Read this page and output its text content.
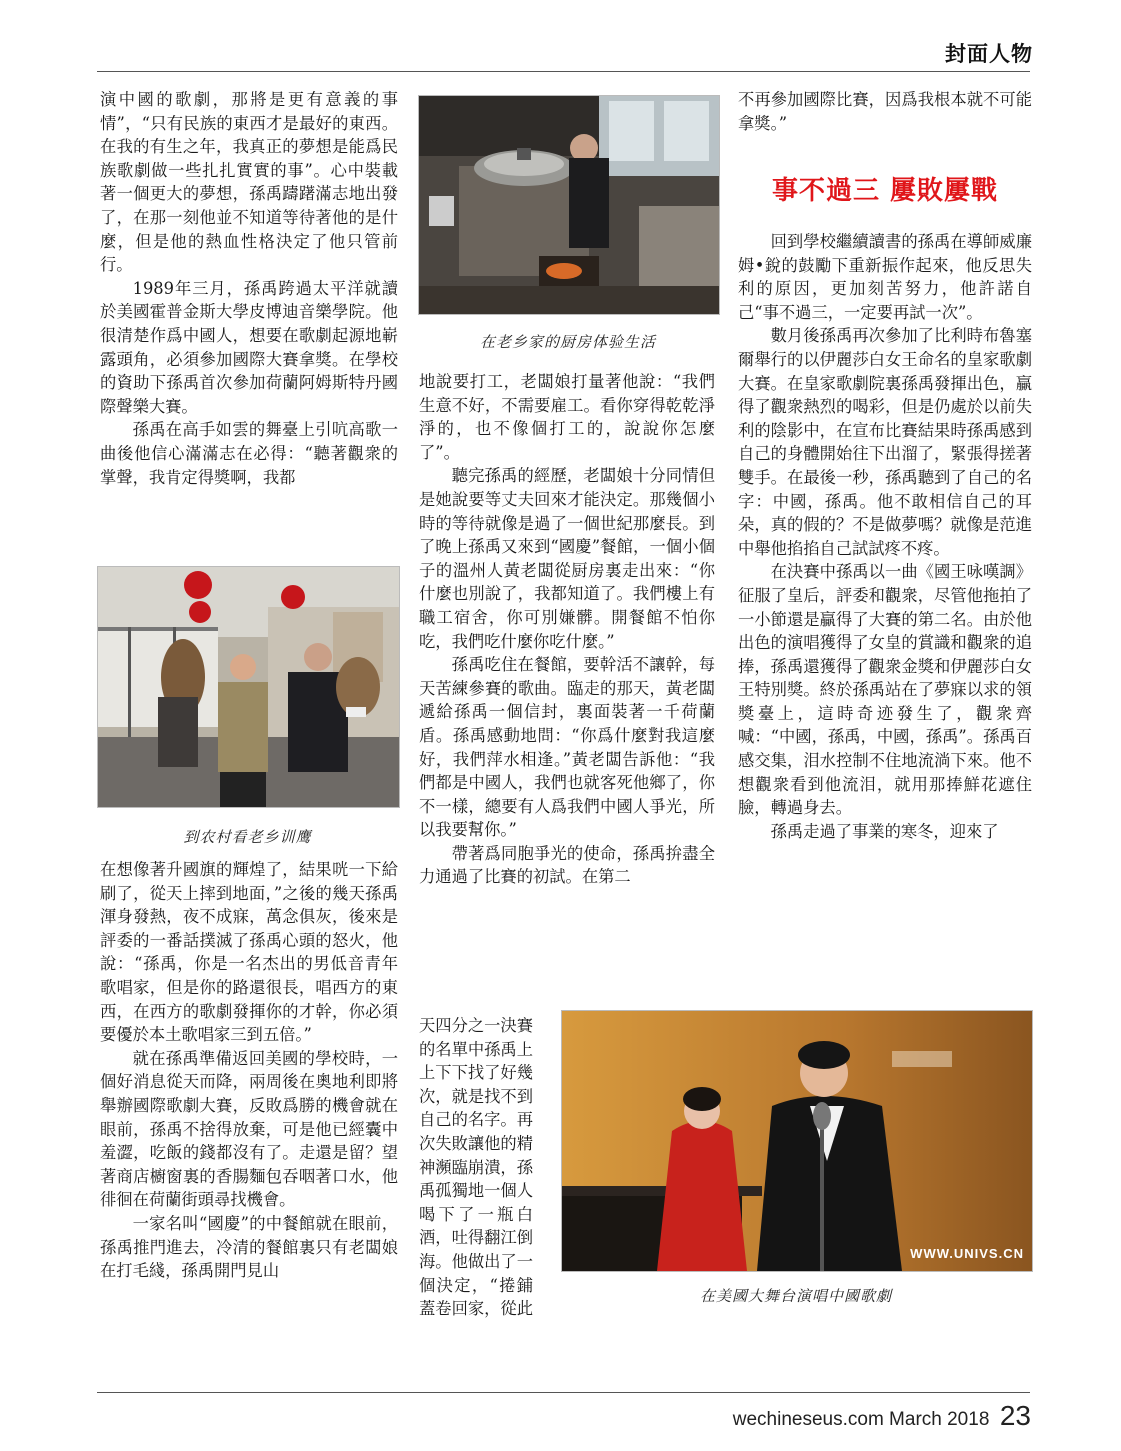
封面人物

演中國的歌劇，那將是更有意義的事情”，“只有民族的東西才是最好的東西。在我的有生之年，我真正的夢想是能爲民族歌劇做一些扎扎實實的事”。心中裝載著一個更大的夢想，孫禹躊躇滿志地出發了，在那一刻他並不知道等待著他的是什麼，但是他的熱血性格決定了他只管前行。

1989年三月，孫禹跨過太平洋就讀於美國霍普金斯大學皮博迪音樂學院。他很清楚作爲中國人，想要在歌劇起源地嶄露頭角，必須參加國際大賽拿獎。在學校的資助下孫禹首次參加荷蘭阿姆斯特丹國際聲樂大賽。

孫禹在高手如雲的舞臺上引吭高歌一曲後他信心滿滿志在必得：“聽著觀衆的掌聲，我肯定得獎啊，我都

到农村看老乡训鹰

在想像著升國旗的輝煌了，結果咣一下給刷了，從天上摔到地面，”之後的幾天孫禹渾身發熱，夜不成寐，萬念俱灰，後來是評委的一番話撲滅了孫禹心頭的怒火，他說：“孫禹，你是一名杰出的男低音青年歌唱家，但是你的路還很長，唱西方的東西，在西方的歌劇發揮你的才幹，你必須要優於本土歌唱家三到五倍。”

就在孫禹準備返回美國的學校時，一個好消息從天而降，兩周後在奧地利即將舉辦國際歌劇大賽，反敗爲勝的機會就在眼前，孫禹不捨得放棄，可是他已經囊中羞澀，吃飯的錢都沒有了。走還是留？望著商店櫥窗裏的香腸麵包吞咽著口水，他徘徊在荷蘭街頭尋找機會。

一家名叫“國慶”的中餐館就在眼前，孫禹推門進去，冷清的餐館裏只有老闆娘在打毛綫，孫禹開門見山

在老乡家的厨房体验生活

地說要打工，老闆娘打量著他說：“我們生意不好，不需要雇工。看你穿得乾乾淨淨的，也不像個打工的，說說你怎麼了”。

聽完孫禹的經歷，老闆娘十分同情但是她說要等丈夫回來才能決定。那幾個小時的等待就像是過了一個世紀那麼長。到了晚上孫禹又來到“國慶”餐館，一個小個子的溫州人黃老闆從厨房裏走出來：“你什麼也別說了，我都知道了。我們樓上有職工宿舍，你可別嫌髒。開餐館不怕你吃，我們吃什麼你吃什麼。”

孫禹吃住在餐館，要幹活不讓幹，每天苦練參賽的歌曲。臨走的那天，黃老闆遞給孫禹一個信封，裏面裝著一千荷蘭盾。孫禹感動地問：“你爲什麼對我這麼好，我們萍水相逢。”黃老闆告訴他：“我們都是中國人，我們也就客死他鄉了，你不一樣，總要有人爲我們中國人爭光，所以我要幫你。”

帶著爲同胞爭光的使命，孫禹拚盡全力通過了比賽的初試。在第二

天四分之一決賽的名單中孫禹上上下下找了好幾次，就是找不到自己的名字。再次失敗讓他的精神瀕臨崩潰，孫禹孤獨地一個人喝下了一瓶白酒，吐得翻江倒海。他做出了一個決定，“捲鋪蓋卷回家，從此

不再參加國際比賽，因爲我根本就不可能拿獎。”

事不過三 屢敗屢戰

回到學校繼續讀書的孫禹在導師威廉姆•銳的鼓勵下重新振作起來，他反思失利的原因，更加刻苦努力，他許諾自己“事不過三，一定要再試一次”。

數月後孫禹再次參加了比利時布魯塞爾舉行的以伊麗莎白女王命名的皇家歌劇大賽。在皇家歌劇院裏孫禹發揮出色，贏得了觀衆熱烈的喝彩，但是仍處於以前失利的陰影中，在宣布比賽結果時孫禹感到自己的身體開始往下出溜了，緊張得搓著雙手。在最後一秒，孫禹聽到了自己的名字：中國，孫禹。他不敢相信自己的耳朵，真的假的？不是做夢嗎？就像是范進中舉他掐掐自己試試疼不疼。

在決賽中孫禹以一曲《國王咏嘆調》征服了皇后，評委和觀衆，尽管他拖拍了一小節還是贏得了大賽的第二名。由於他出色的演唱獲得了女皇的賞識和觀衆的追捧，孫禹還獲得了觀衆金獎和伊麗莎白女王特別獎。終於孫禹站在了夢寐以求的領獎臺上，這時奇迹發生了，觀衆齊喊：“中國，孫禹，中國，孫禹”。孫禹百感交集，泪水控制不住地流淌下來。他不想觀衆看到他流泪，就用那捧鮮花遮住臉，轉過身去。

孫禹走過了事業的寒冬，迎來了

WWW.UNIVS.CN
在美國大舞台演唱中國歌劇
wechineseus.com March 2018 23
